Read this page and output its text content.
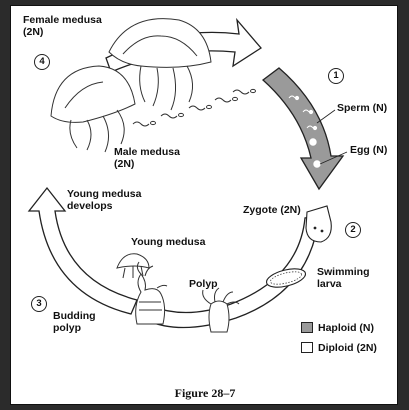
Female medusa
(2N)
Male medusa
(2N)
Sperm (N)
Egg (N)
Zygote (2N)
Swimming
larva
Polyp
Budding
polyp
Young medusa
Young medusa
develops
4
1
2
3
Haploid (N)
Diploid (2N)
Figure 28–7
